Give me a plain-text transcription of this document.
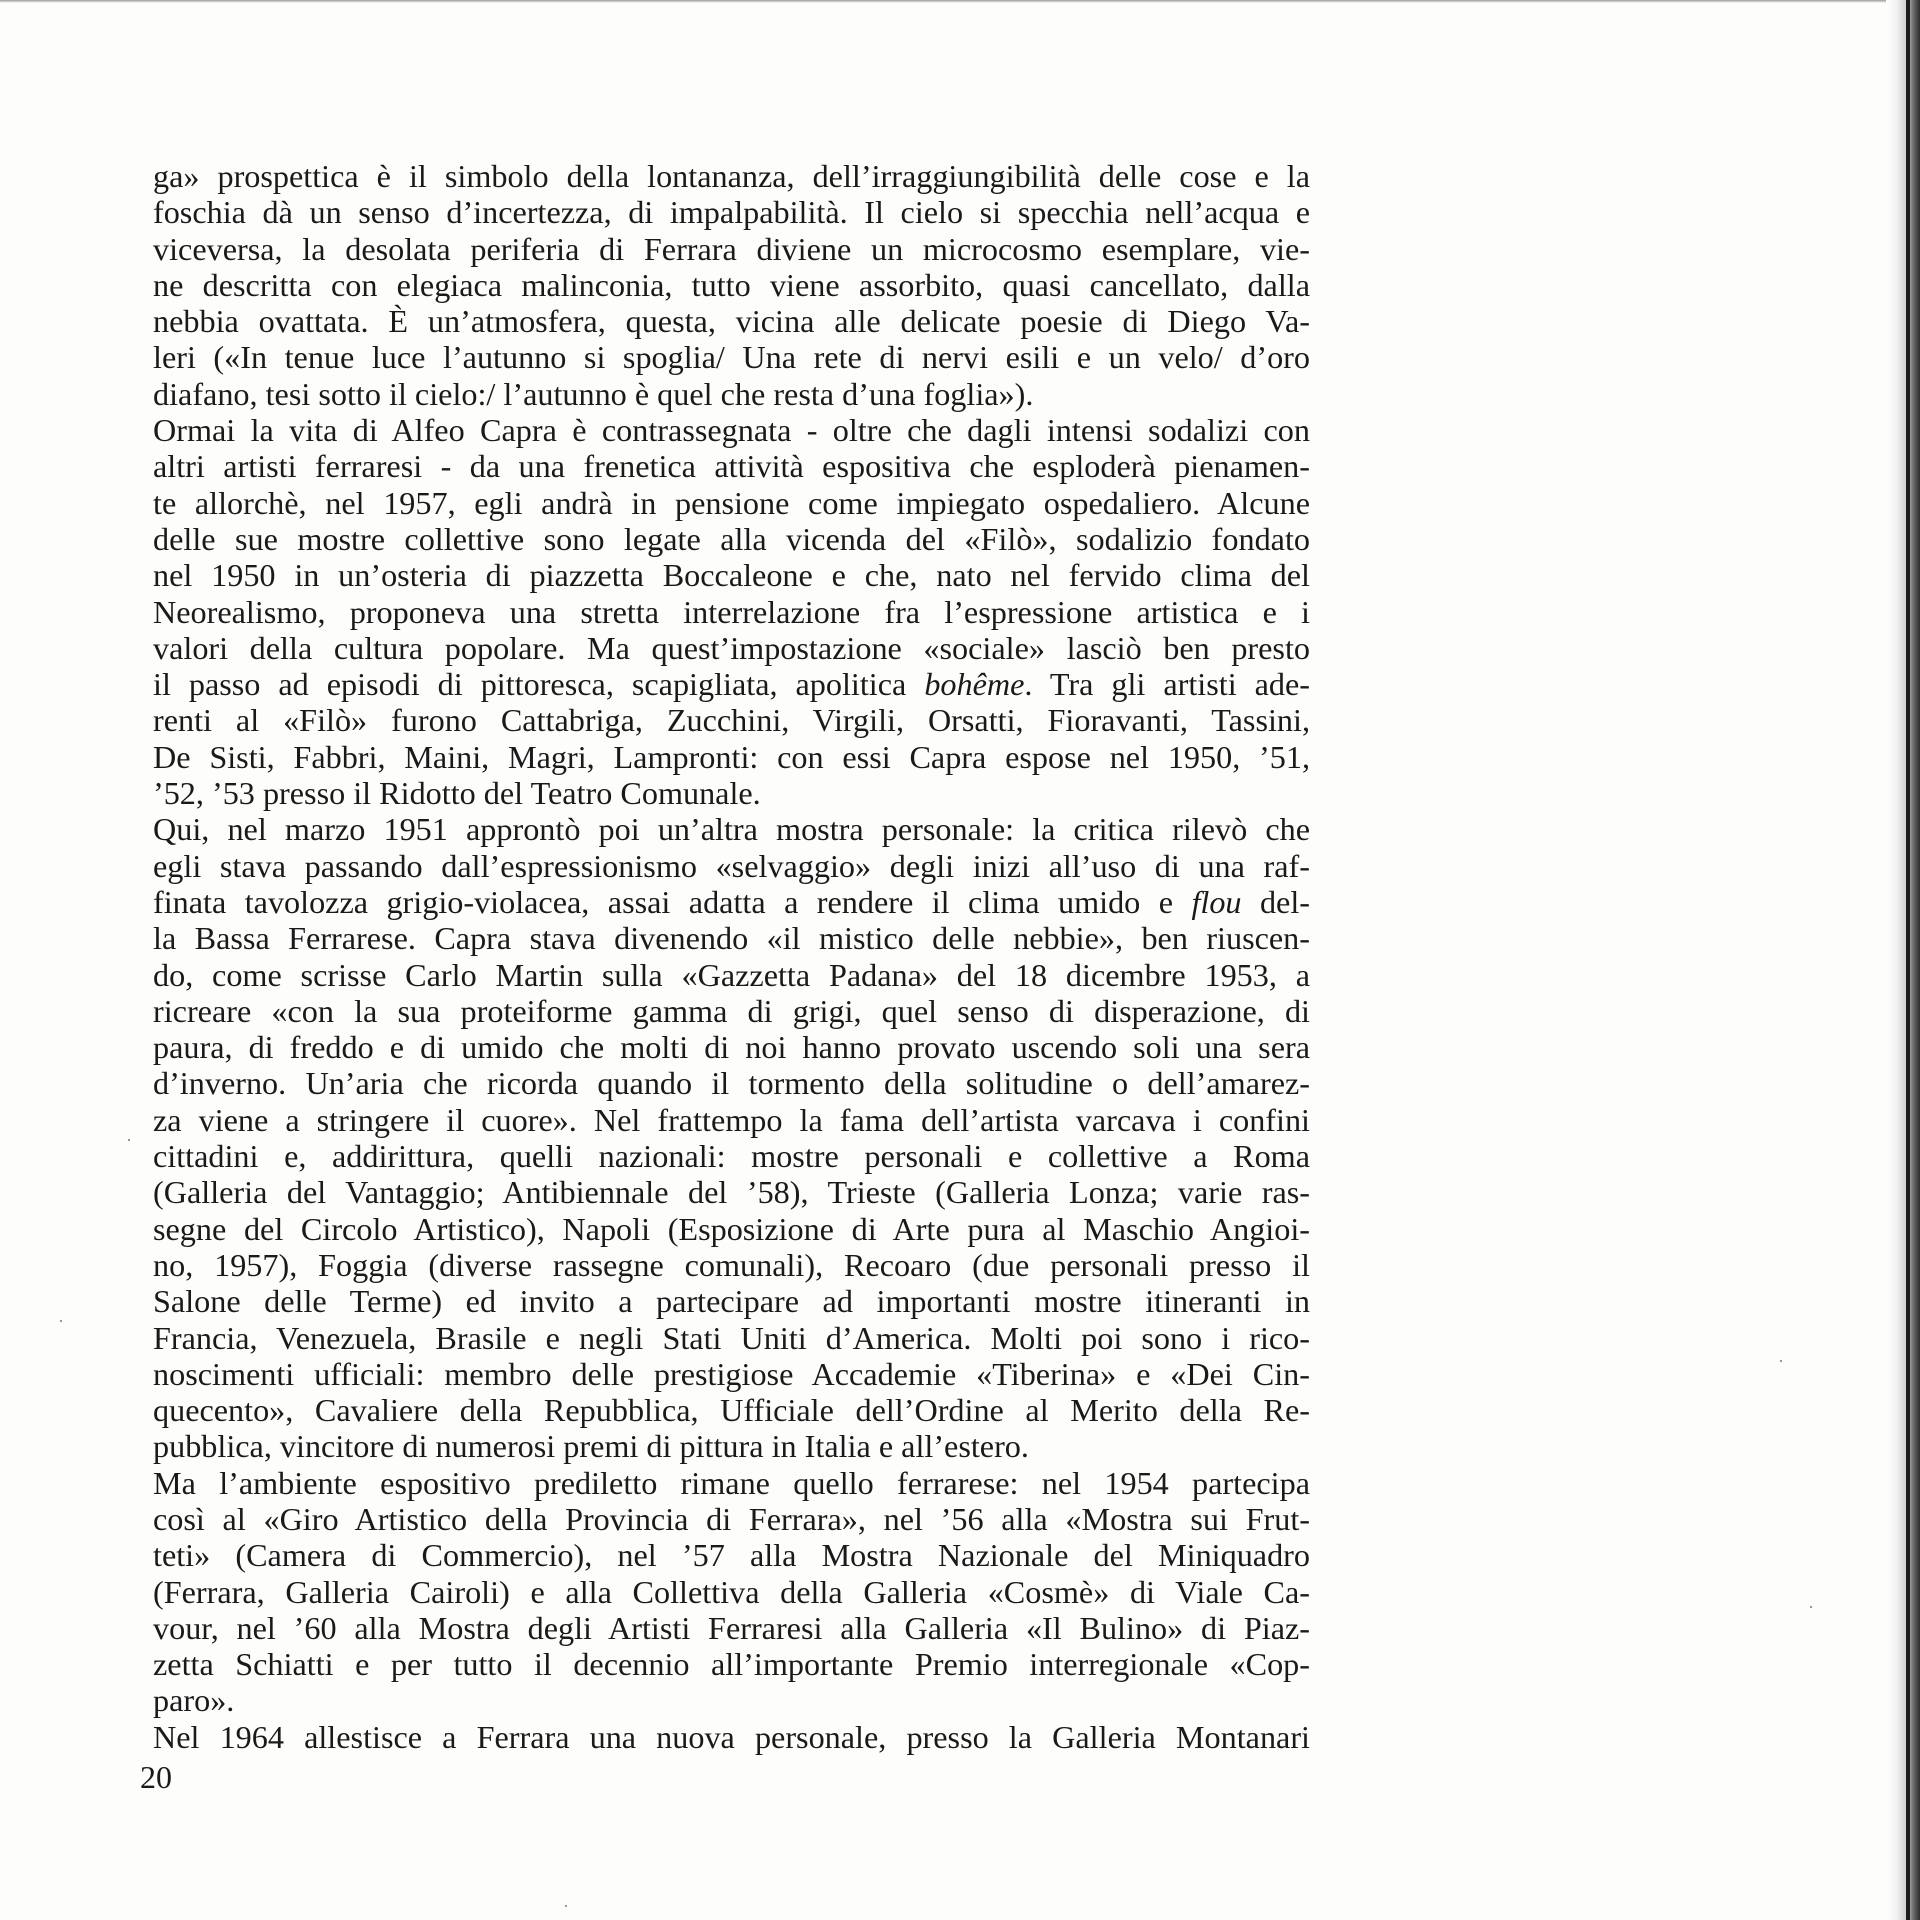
ga» prospettica è il simbolo della lontananza, dell’irraggiungibilità delle cose e la
foschia dà un senso d’incertezza, di impalpabilità. Il cielo si specchia nell’acqua e
viceversa, la desolata periferia di Ferrara diviene un microcosmo esemplare, vie-
ne descritta con elegiaca malinconia, tutto viene assorbito, quasi cancellato, dalla
nebbia ovattata. È un’atmosfera, questa, vicina alle delicate poesie di Diego Va-
leri («In tenue luce l’autunno si spoglia/ Una rete di nervi esili e un velo/ d’oro
diafano, tesi sotto il cielo:/ l’autunno è quel che resta d’una foglia»).
Ormai la vita di Alfeo Capra è contrassegnata - oltre che dagli intensi sodalizi con
altri artisti ferraresi - da una frenetica attività espositiva che esploderà pienamen-
te allorchè, nel 1957, egli andrà in pensione come impiegato ospedaliero. Alcune
delle sue mostre collettive sono legate alla vicenda del «Filò», sodalizio fondato
nel 1950 in un’osteria di piazzetta Boccaleone e che, nato nel fervido clima del
Neorealismo, proponeva una stretta interrelazione fra l’espressione artistica e i
valori della cultura popolare. Ma quest’impostazione «sociale» lasciò ben presto
il passo ad episodi di pittoresca, scapigliata, apolitica bohême. Tra gli artisti ade-
renti al «Filò» furono Cattabriga, Zucchini, Virgili, Orsatti, Fioravanti, Tassini,
De Sisti, Fabbri, Maini, Magri, Lampronti: con essi Capra espose nel 1950, ’51,
’52, ’53 presso il Ridotto del Teatro Comunale.
Qui, nel marzo 1951 approntò poi un’altra mostra personale: la critica rilevò che
egli stava passando dall’espressionismo «selvaggio» degli inizi all’uso di una raf-
finata tavolozza grigio-violacea, assai adatta a rendere il clima umido e flou del-
la Bassa Ferrarese. Capra stava divenendo «il mistico delle nebbie», ben riuscen-
do, come scrisse Carlo Martin sulla «Gazzetta Padana» del 18 dicembre 1953, a
ricreare «con la sua proteiforme gamma di grigi, quel senso di disperazione, di
paura, di freddo e di umido che molti di noi hanno provato uscendo soli una sera
d’inverno. Un’aria che ricorda quando il tormento della solitudine o dell’amarez-
za viene a stringere il cuore». Nel frattempo la fama dell’artista varcava i confini
cittadini e, addirittura, quelli nazionali: mostre personali e collettive a Roma
(Galleria del Vantaggio; Antibiennale del ’58), Trieste (Galleria Lonza; varie ras-
segne del Circolo Artistico), Napoli (Esposizione di Arte pura al Maschio Angioi-
no, 1957), Foggia (diverse rassegne comunali), Recoaro (due personali presso il
Salone delle Terme) ed invito a partecipare ad importanti mostre itineranti in
Francia, Venezuela, Brasile e negli Stati Uniti d’America. Molti poi sono i rico-
noscimenti ufficiali: membro delle prestigiose Accademie «Tiberina» e «Dei Cin-
quecento», Cavaliere della Repubblica, Ufficiale dell’Ordine al Merito della Re-
pubblica, vincitore di numerosi premi di pittura in Italia e all’estero.
Ma l’ambiente espositivo prediletto rimane quello ferrarese: nel 1954 partecipa
così al «Giro Artistico della Provincia di Ferrara», nel ’56 alla «Mostra sui Frut-
teti» (Camera di Commercio), nel ’57 alla Mostra Nazionale del Miniquadro
(Ferrara, Galleria Cairoli) e alla Collettiva della Galleria «Cosmè» di Viale Ca-
vour, nel ’60 alla Mostra degli Artisti Ferraresi alla Galleria «Il Bulino» di Piaz-
zetta Schiatti e per tutto il decennio all’importante Premio interregionale «Cop-
paro».
Nel 1964 allestisce a Ferrara una nuova personale, presso la Galleria Montanari
20
